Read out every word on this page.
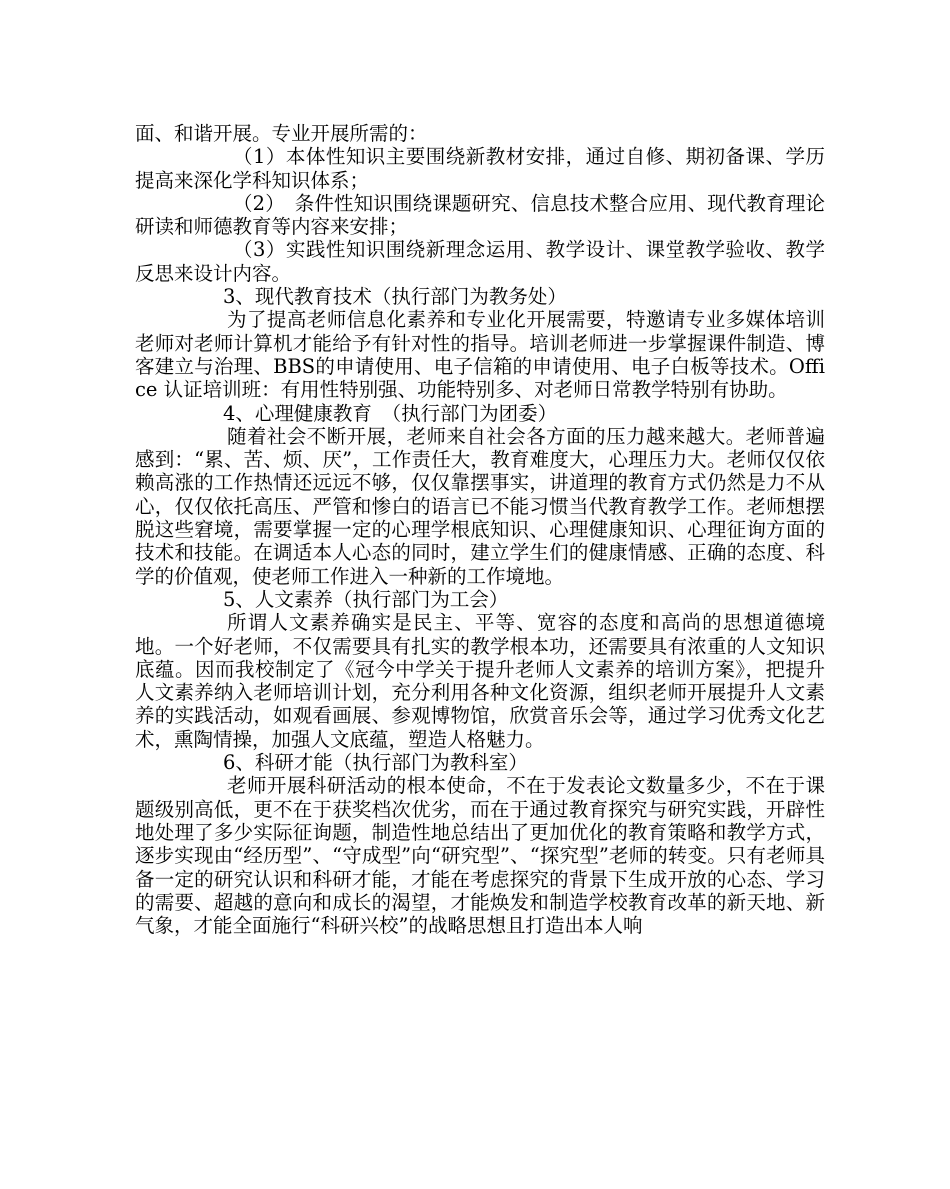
面、和谐开展。专业开展所需的：

（1）本体性知识主要围绕新教材安排，通过自修、期初备课、学历提高来深化学科知识体系；

（2）　条件性知识围绕课题研究、信息技术整合应用、现代教育理论研读和师德教育等内容来安排；

（3）实践性知识围绕新理念运用、教学设计、课堂教学验收、教学反思来设计内容。

3、现代教育技术（执行部门为教务处）

为了提高老师信息化素养和专业化开展需要，特邀请专业多媒体培训老师对老师计算机才能给予有针对性的指导。培训老师进一步掌握课件制造、博客建立与治理、BBS的申请使用、电子信箱的申请使用、电子白板等技术。Office 认证培训班：有用性特别强、功能特别多、对老师日常教学特别有协助。

4、心理健康教育　（执行部门为团委）

随着社会不断开展，老师来自社会各方面的压力越来越大。老师普遍感到：“累、苦、烦、厌”，工作责任大，教育难度大，心理压力大。老师仅仅依赖高涨的工作热情还远远不够，仅仅靠摆事实，讲道理的教育方式仍然是力不从心，仅仅依托高压、严管和惨白的语言已不能习惯当代教育教学工作。老师想摆脱这些窘境，需要掌握一定的心理学根底知识、心理健康知识、心理征询方面的技术和技能。在调适本人心态的同时，建立学生们的健康情感、正确的态度、科学的价值观，使老师工作进入一种新的工作境地。

5、人文素养（执行部门为工会）

所谓人文素养确实是民主、平等、宽容的态度和高尚的思想道德境地。一个好老师，不仅需要具有扎实的教学根本功，还需要具有浓重的人文知识底蕴。因而我校制定了《冠今中学关于提升老师人文素养的培训方案》，把提升人文素养纳入老师培训计划，充分利用各种文化资源，组织老师开展提升人文素养的实践活动，如观看画展、参观博物馆，欣赏音乐会等，通过学习优秀文化艺术，熏陶情操，加强人文底蕴，塑造人格魅力。

6、科研才能（执行部门为教科室）

老师开展科研活动的根本使命，不在于发表论文数量多少，不在于课题级别高低，更不在于获奖档次优劣，而在于通过教育探究与研究实践，开辟性地处理了多少实际征询题，制造性地总结出了更加优化的教育策略和教学方式，逐步实现由“经历型”、“守成型”向“研究型”、“探究型”老师的转变。只有老师具备一定的研究认识和科研才能，才能在考虑探究的背景下生成开放的心态、学习的需要、超越的意向和成长的渴望，才能焕发和制造学校教育改革的新天地、新气象，才能全面施行“科研兴校”的战略思想且打造出本人响
